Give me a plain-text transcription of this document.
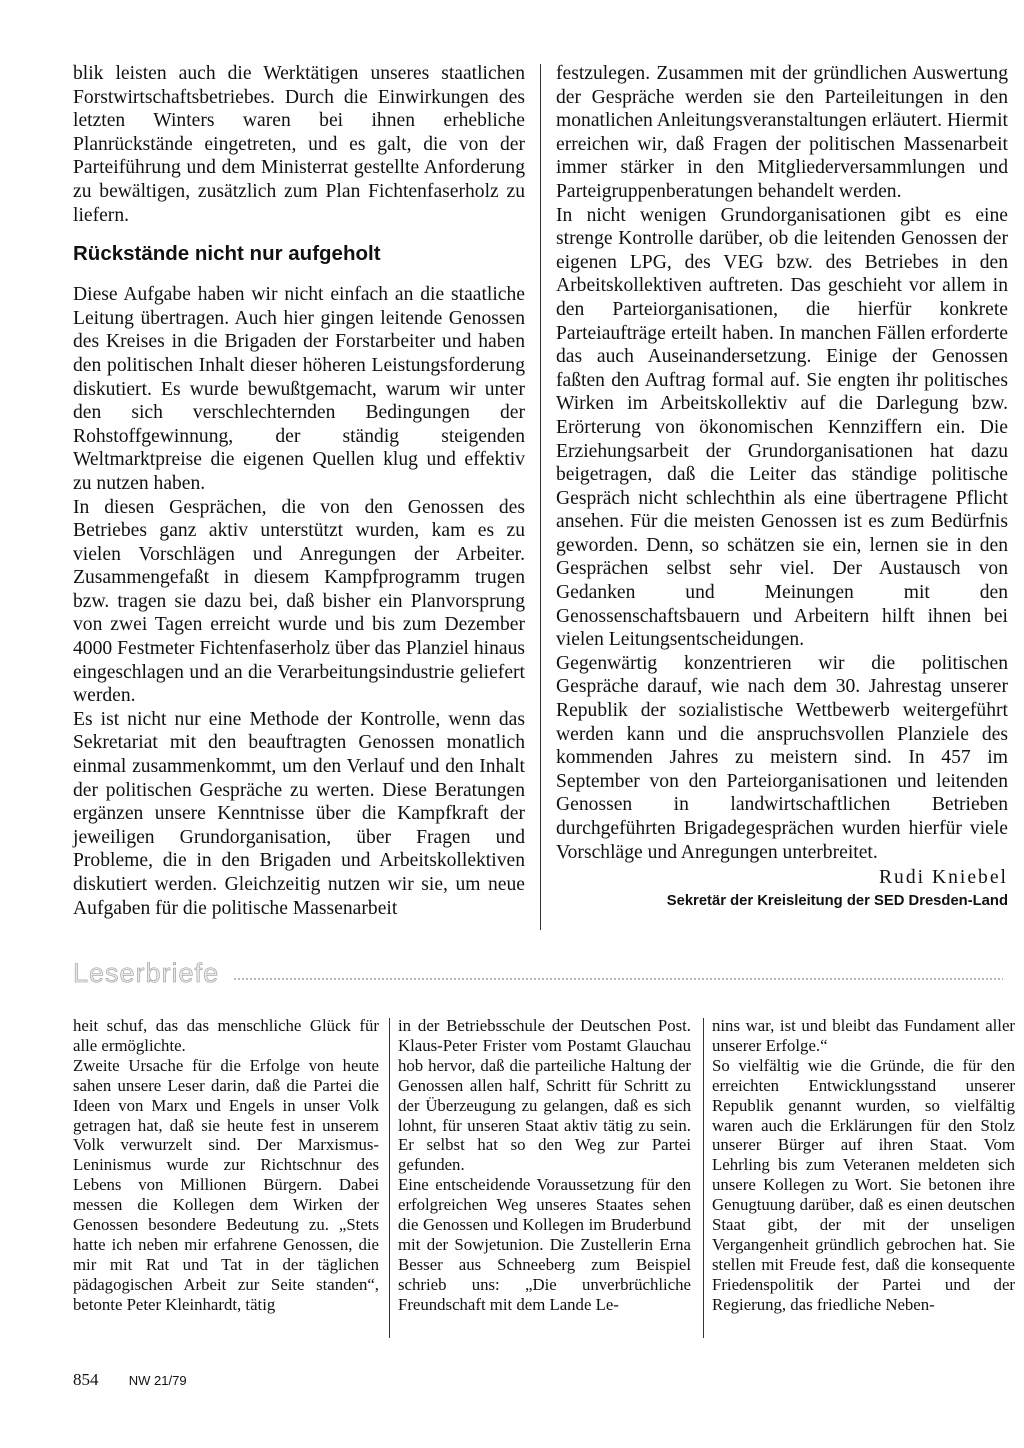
blik leisten auch die Werktätigen unseres staatlichen Forstwirtschaftsbetriebes. Durch die Einwirkungen des letzten Winters waren bei ihnen erhebliche Planrückstände eingetreten, und es galt, die von der Parteiführung und dem Ministerrat gestellte Anforderung zu bewältigen, zusätzlich zum Plan Fichtenfaserholz zu liefern.

Rückstände nicht nur aufgeholt

Diese Aufgabe haben wir nicht einfach an die staatliche Leitung übertragen. Auch hier gingen leitende Genossen des Kreises in die Brigaden der Forstarbeiter und haben den politischen Inhalt dieser höheren Leistungsforderung diskutiert. Es wurde bewußtgemacht, warum wir unter den sich verschlechternden Bedingungen der Rohstoffgewinnung, der ständig steigenden Weltmarktpreise die eigenen Quellen klug und effektiv zu nutzen haben.

In diesen Gesprächen, die von den Genossen des Betriebes ganz aktiv unterstützt wurden, kam es zu vielen Vorschlägen und Anregungen der Arbeiter. Zusammengefaßt in diesem Kampfprogramm trugen bzw. tragen sie dazu bei, daß bisher ein Planvorsprung von zwei Tagen erreicht wurde und bis zum Dezember 4000 Festmeter Fichtenfaserholz über das Planziel hinaus eingeschlagen und an die Verarbeitungsindustrie geliefert werden.

Es ist nicht nur eine Methode der Kontrolle, wenn das Sekretariat mit den beauftragten Genossen monatlich einmal zusammenkommt, um den Verlauf und den Inhalt der politischen Gespräche zu werten. Diese Beratungen ergänzen unsere Kenntnisse über die Kampfkraft der jeweiligen Grundorganisation, über Fragen und Probleme, die in den Brigaden und Arbeitskollektiven diskutiert werden. Gleichzeitig nutzen wir sie, um neue Aufgaben für die politische Massenarbeit

festzulegen. Zusammen mit der gründlichen Auswertung der Gespräche werden sie den Parteileitungen in den monatlichen Anleitungsveranstaltungen erläutert. Hiermit erreichen wir, daß Fragen der politischen Massenarbeit immer stärker in den Mitgliederversammlungen und Parteigruppenberatungen behandelt werden.

In nicht wenigen Grundorganisationen gibt es eine strenge Kontrolle darüber, ob die leitenden Genossen der eigenen LPG, des VEG bzw. des Betriebes in den Arbeitskollektiven auftreten. Das geschieht vor allem in den Parteiorganisationen, die hierfür konkrete Parteiaufträge erteilt haben. In manchen Fällen erforderte das auch Auseinandersetzung. Einige der Genossen faßten den Auftrag formal auf. Sie engten ihr politisches Wirken im Arbeitskollektiv auf die Darlegung bzw. Erörterung von ökonomischen Kennziffern ein. Die Erziehungsarbeit der Grundorganisationen hat dazu beigetragen, daß die Leiter das ständige politische Gespräch nicht schlechthin als eine übertragene Pflicht ansehen. Für die meisten Genossen ist es zum Bedürfnis geworden. Denn, so schätzen sie ein, lernen sie in den Gesprächen selbst sehr viel. Der Austausch von Gedanken und Meinungen mit den Genossenschaftsbauern und Arbeitern hilft ihnen bei vielen Leitungsentscheidungen.

Gegenwärtig konzentrieren wir die politischen Gespräche darauf, wie nach dem 30. Jahrestag unserer Republik der sozialistische Wettbewerb weitergeführt werden kann und die anspruchsvollen Planziele des kommenden Jahres zu meistern sind. In 457 im September von den Parteiorganisationen und leitenden Genossen in landwirtschaftlichen Betrieben durchgeführten Brigadegesprächen wurden hierfür viele Vorschläge und Anregungen unterbreitet.

Rudi Kniebel

Sekretär der Kreisleitung der SED Dresden-Land

Leserbriefe

heit schuf, das das menschliche Glück für alle ermöglichte.

Zweite Ursache für die Erfolge von heute sahen unsere Leser darin, daß die Partei die Ideen von Marx und Engels in unser Volk getragen hat, daß sie heute fest in unserem Volk verwurzelt sind. Der Marxismus-Leninismus wurde zur Richtschnur des Lebens von Millionen Bürgern. Dabei messen die Kollegen dem Wirken der Genossen besondere Bedeutung zu. „Stets hatte ich neben mir erfahrene Genossen, die mir mit Rat und Tat in der täglichen pädagogischen Arbeit zur Seite standen“, betonte Peter Kleinhardt, tätig

in der Betriebsschule der Deutschen Post. Klaus-Peter Frister vom Postamt Glauchau hob hervor, daß die parteiliche Haltung der Genossen allen half, Schritt für Schritt zu der Überzeugung zu gelangen, daß es sich lohnt, für unseren Staat aktiv tätig zu sein. Er selbst hat so den Weg zur Partei gefunden.

Eine entscheidende Voraussetzung für den erfolgreichen Weg unseres Staates sehen die Genossen und Kollegen im Bruderbund mit der Sowjetunion. Die Zustellerin Erna Besser aus Schneeberg zum Beispiel schrieb uns: „Die unverbrüchliche Freundschaft mit dem Lande Le-

nins war, ist und bleibt das Fundament aller unserer Erfolge.“

So vielfältig wie die Gründe, die für den erreichten Entwicklungsstand unserer Republik genannt wurden, so vielfältig waren auch die Erklärungen für den Stolz unserer Bürger auf ihren Staat. Vom Lehrling bis zum Veteranen meldeten sich unsere Kollegen zu Wort. Sie betonen ihre Genugtuung darüber, daß es einen deutschen Staat gibt, der mit der unseligen Vergangenheit gründlich gebrochen hat. Sie stellen mit Freude fest, daß die konsequente Friedenspolitik der Partei und der Regierung, das friedliche Neben-

854 NW 21/79
